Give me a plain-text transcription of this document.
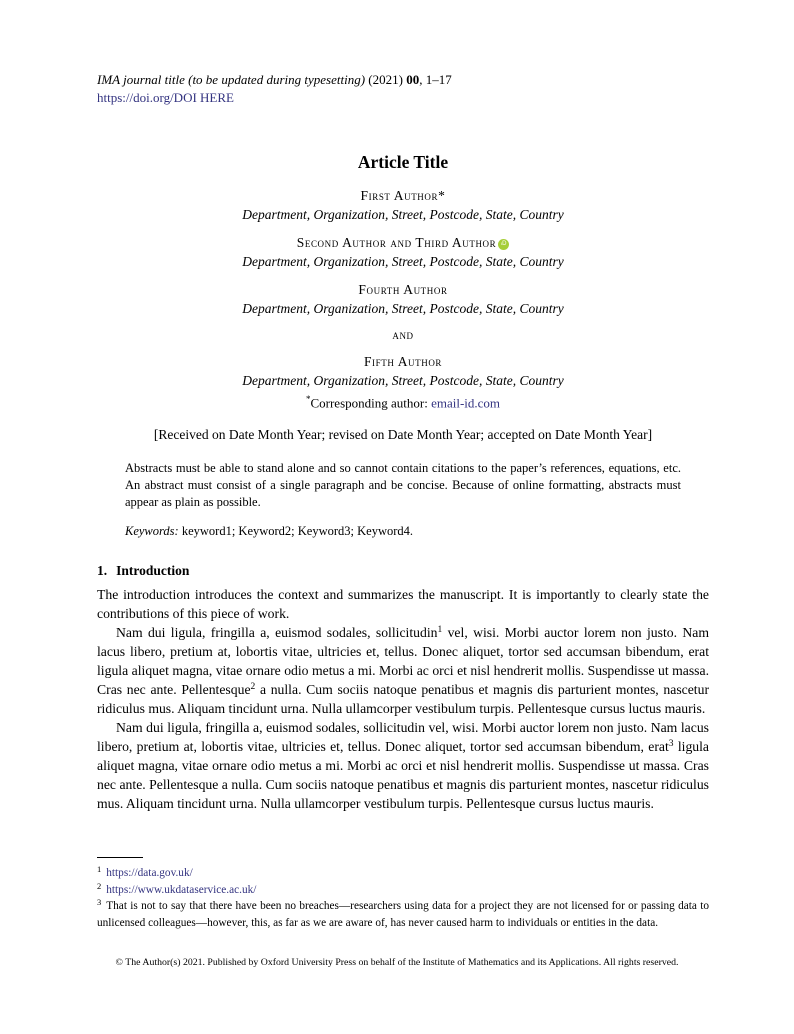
IMA journal title (to be updated during typesetting) (2021) 00, 1–17
https://doi.org/DOI HERE
Article Title
First Author*
Department, Organization, Street, Postcode, State, Country
Second Author and Third Author iD
Department, Organization, Street, Postcode, State, Country
Fourth Author
Department, Organization, Street, Postcode, State, Country
and
Fifth Author
Department, Organization, Street, Postcode, State, Country
*Corresponding author: email-id.com
[Received on Date Month Year; revised on Date Month Year; accepted on Date Month Year]
Abstracts must be able to stand alone and so cannot contain citations to the paper’s references, equations, etc. An abstract must consist of a single paragraph and be concise. Because of online formatting, abstracts must appear as plain as possible.
Keywords: keyword1; Keyword2; Keyword3; Keyword4.
1. Introduction

The introduction introduces the context and summarizes the manuscript. It is importantly to clearly state the contributions of this piece of work.

Nam dui ligula, fringilla a, euismod sodales, sollicitudin$^1$ vel, wisi. Morbi auctor lorem non justo. Nam lacus libero, pretium at, lobortis vitae, ultricies et, tellus. Donec aliquet, tortor sed accumsan bibendum, erat ligula aliquet magna, vitae ornare odio metus a mi. Morbi ac orci et nisl hendrerit mollis. Suspendisse ut massa. Cras nec ante. Pellentesque$^2$ a nulla. Cum sociis natoque penatibus et magnis dis parturient montes, nascetur ridiculus mus. Aliquam tincidunt urna. Nulla ullamcorper vestibulum turpis. Pellentesque cursus luctus mauris.

Nam dui ligula, fringilla a, euismod sodales, sollicitudin vel, wisi. Morbi auctor lorem non justo. Nam lacus libero, pretium at, lobortis vitae, ultricies et, tellus. Donec aliquet, tortor sed accumsan bibendum, erat$^3$ ligula aliquet magna, vitae ornare odio metus a mi. Morbi ac orci et nisl hendrerit mollis. Suspendisse ut massa. Cras nec ante. Pellentesque a nulla. Cum sociis natoque penatibus et magnis dis parturient montes, nascetur ridiculus mus. Aliquam tincidunt urna. Nulla ullamcorper vestibulum turpis. Pellentesque cursus luctus mauris.

$^1$ https://data.gov.uk/
$^2$ https://www.ukdataservice.ac.uk/
$^3$ That is not to say that there have been no breaches—researchers using data for a project they are not licensed for or passing data to unlicensed colleagues—however, this, as far as we are aware of, has never caused harm to individuals or entities in the data.
© The Author(s) 2021. Published by Oxford University Press on behalf of the Institute of Mathematics and its Applications. All rights reserved.
